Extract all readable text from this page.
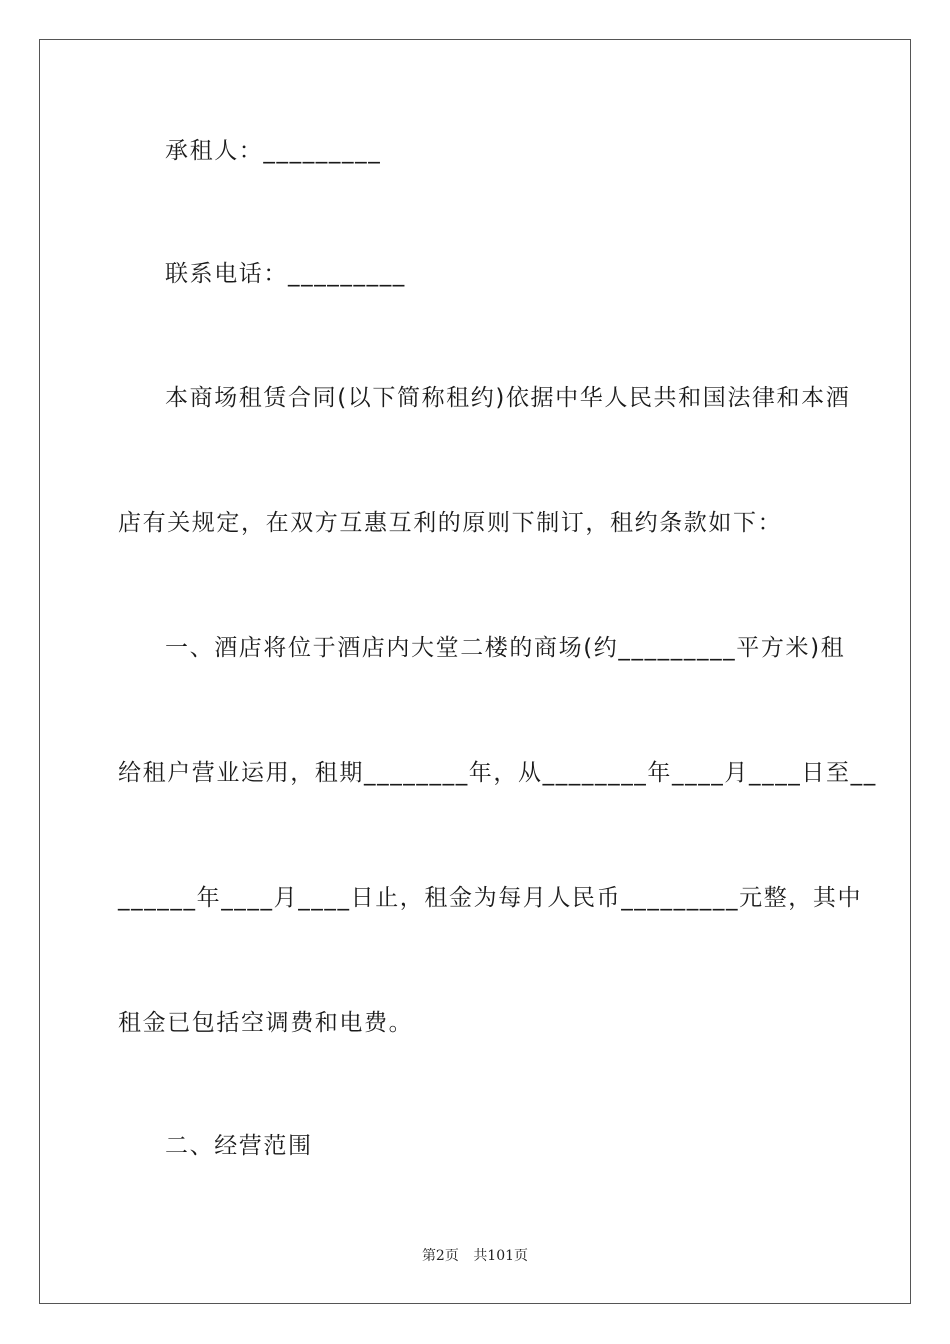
承租人：_________
联系电话：_________
本商场租赁合同(以下简称租约)依据中华人民共和国法律和本酒
店有关规定，在双方互惠互利的原则下制订，租约条款如下：
一、酒店将位于酒店内大堂二楼的商场(约_________平方米)租
给租户营业运用，租期________年，从________年____月____日至__
______年____月____日止，租金为每月人民币_________元整，其中
租金已包括空调费和电费。
二、经营范围
第2页 共101页
